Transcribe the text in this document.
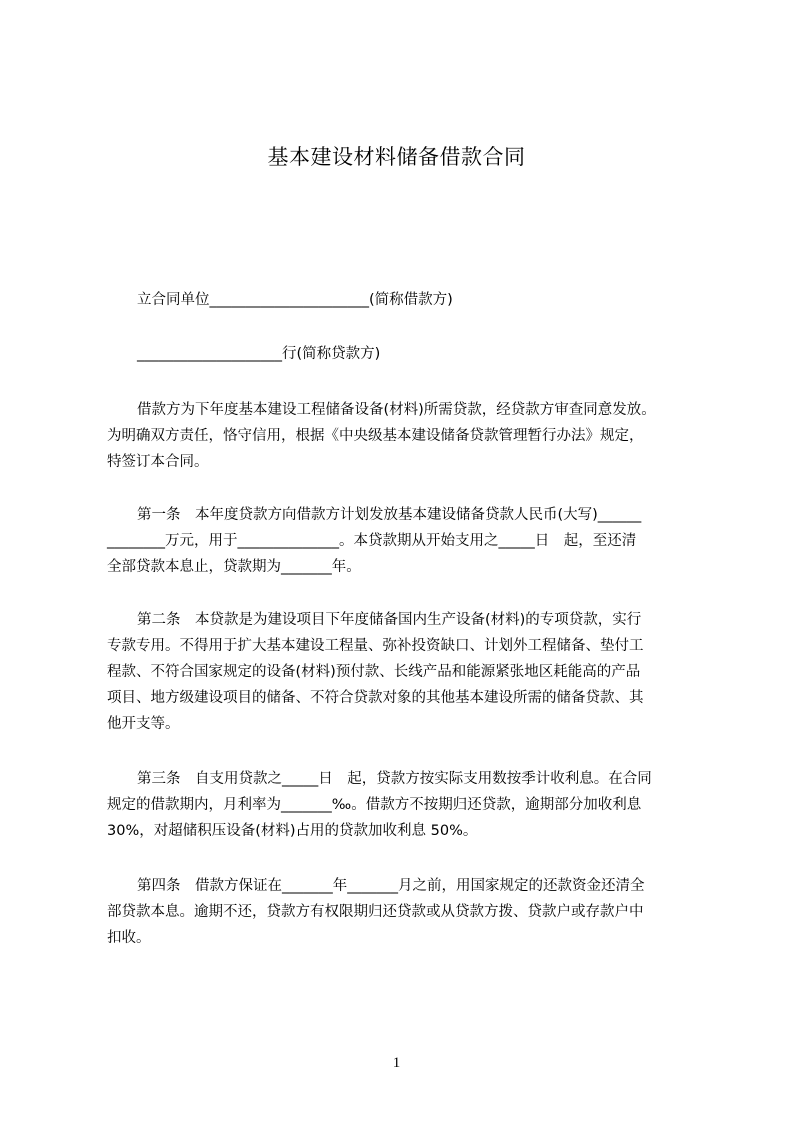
基本建设材料储备借款合同
立合同单位______________________(简称借款方)
____________________行(简称贷款方)
借款方为下年度基本建设工程储备设备(材料)所需贷款，经贷款方审查同意发放。
为明确双方责任，恪守信用，根据《中央级基本建设储备贷款管理暂行办法》规定，
特签订本合同。
第一条　本年度贷款方向借款方计划发放基本建设储备贷款人民币(大写)______
________万元，用于______________。本贷款期从开始支用之_____日　起，至还清
全部贷款本息止，贷款期为_______年。
第二条　本贷款是为建设项目下年度储备国内生产设备(材料)的专项贷款，实行
专款专用。不得用于扩大基本建设工程量、弥补投资缺口、计划外工程储备、垫付工
程款、不符合国家规定的设备(材料)预付款、长线产品和能源紧张地区耗能高的产品
项目、地方级建设项目的储备、不符合贷款对象的其他基本建设所需的储备贷款、其
他开支等。
第三条　自支用贷款之_____日　起，贷款方按实际支用数按季计收利息。在合同
规定的借款期内，月利率为_______‰。借款方不按期归还贷款，逾期部分加收利息
30%，对超储积压设备(材料)占用的贷款加收利息 50%。
第四条　借款方保证在_______年_______月之前，用国家规定的还款资金还清全
部贷款本息。逾期不还，贷款方有权限期归还贷款或从贷款方拨、贷款户或存款户中
扣收。
1
